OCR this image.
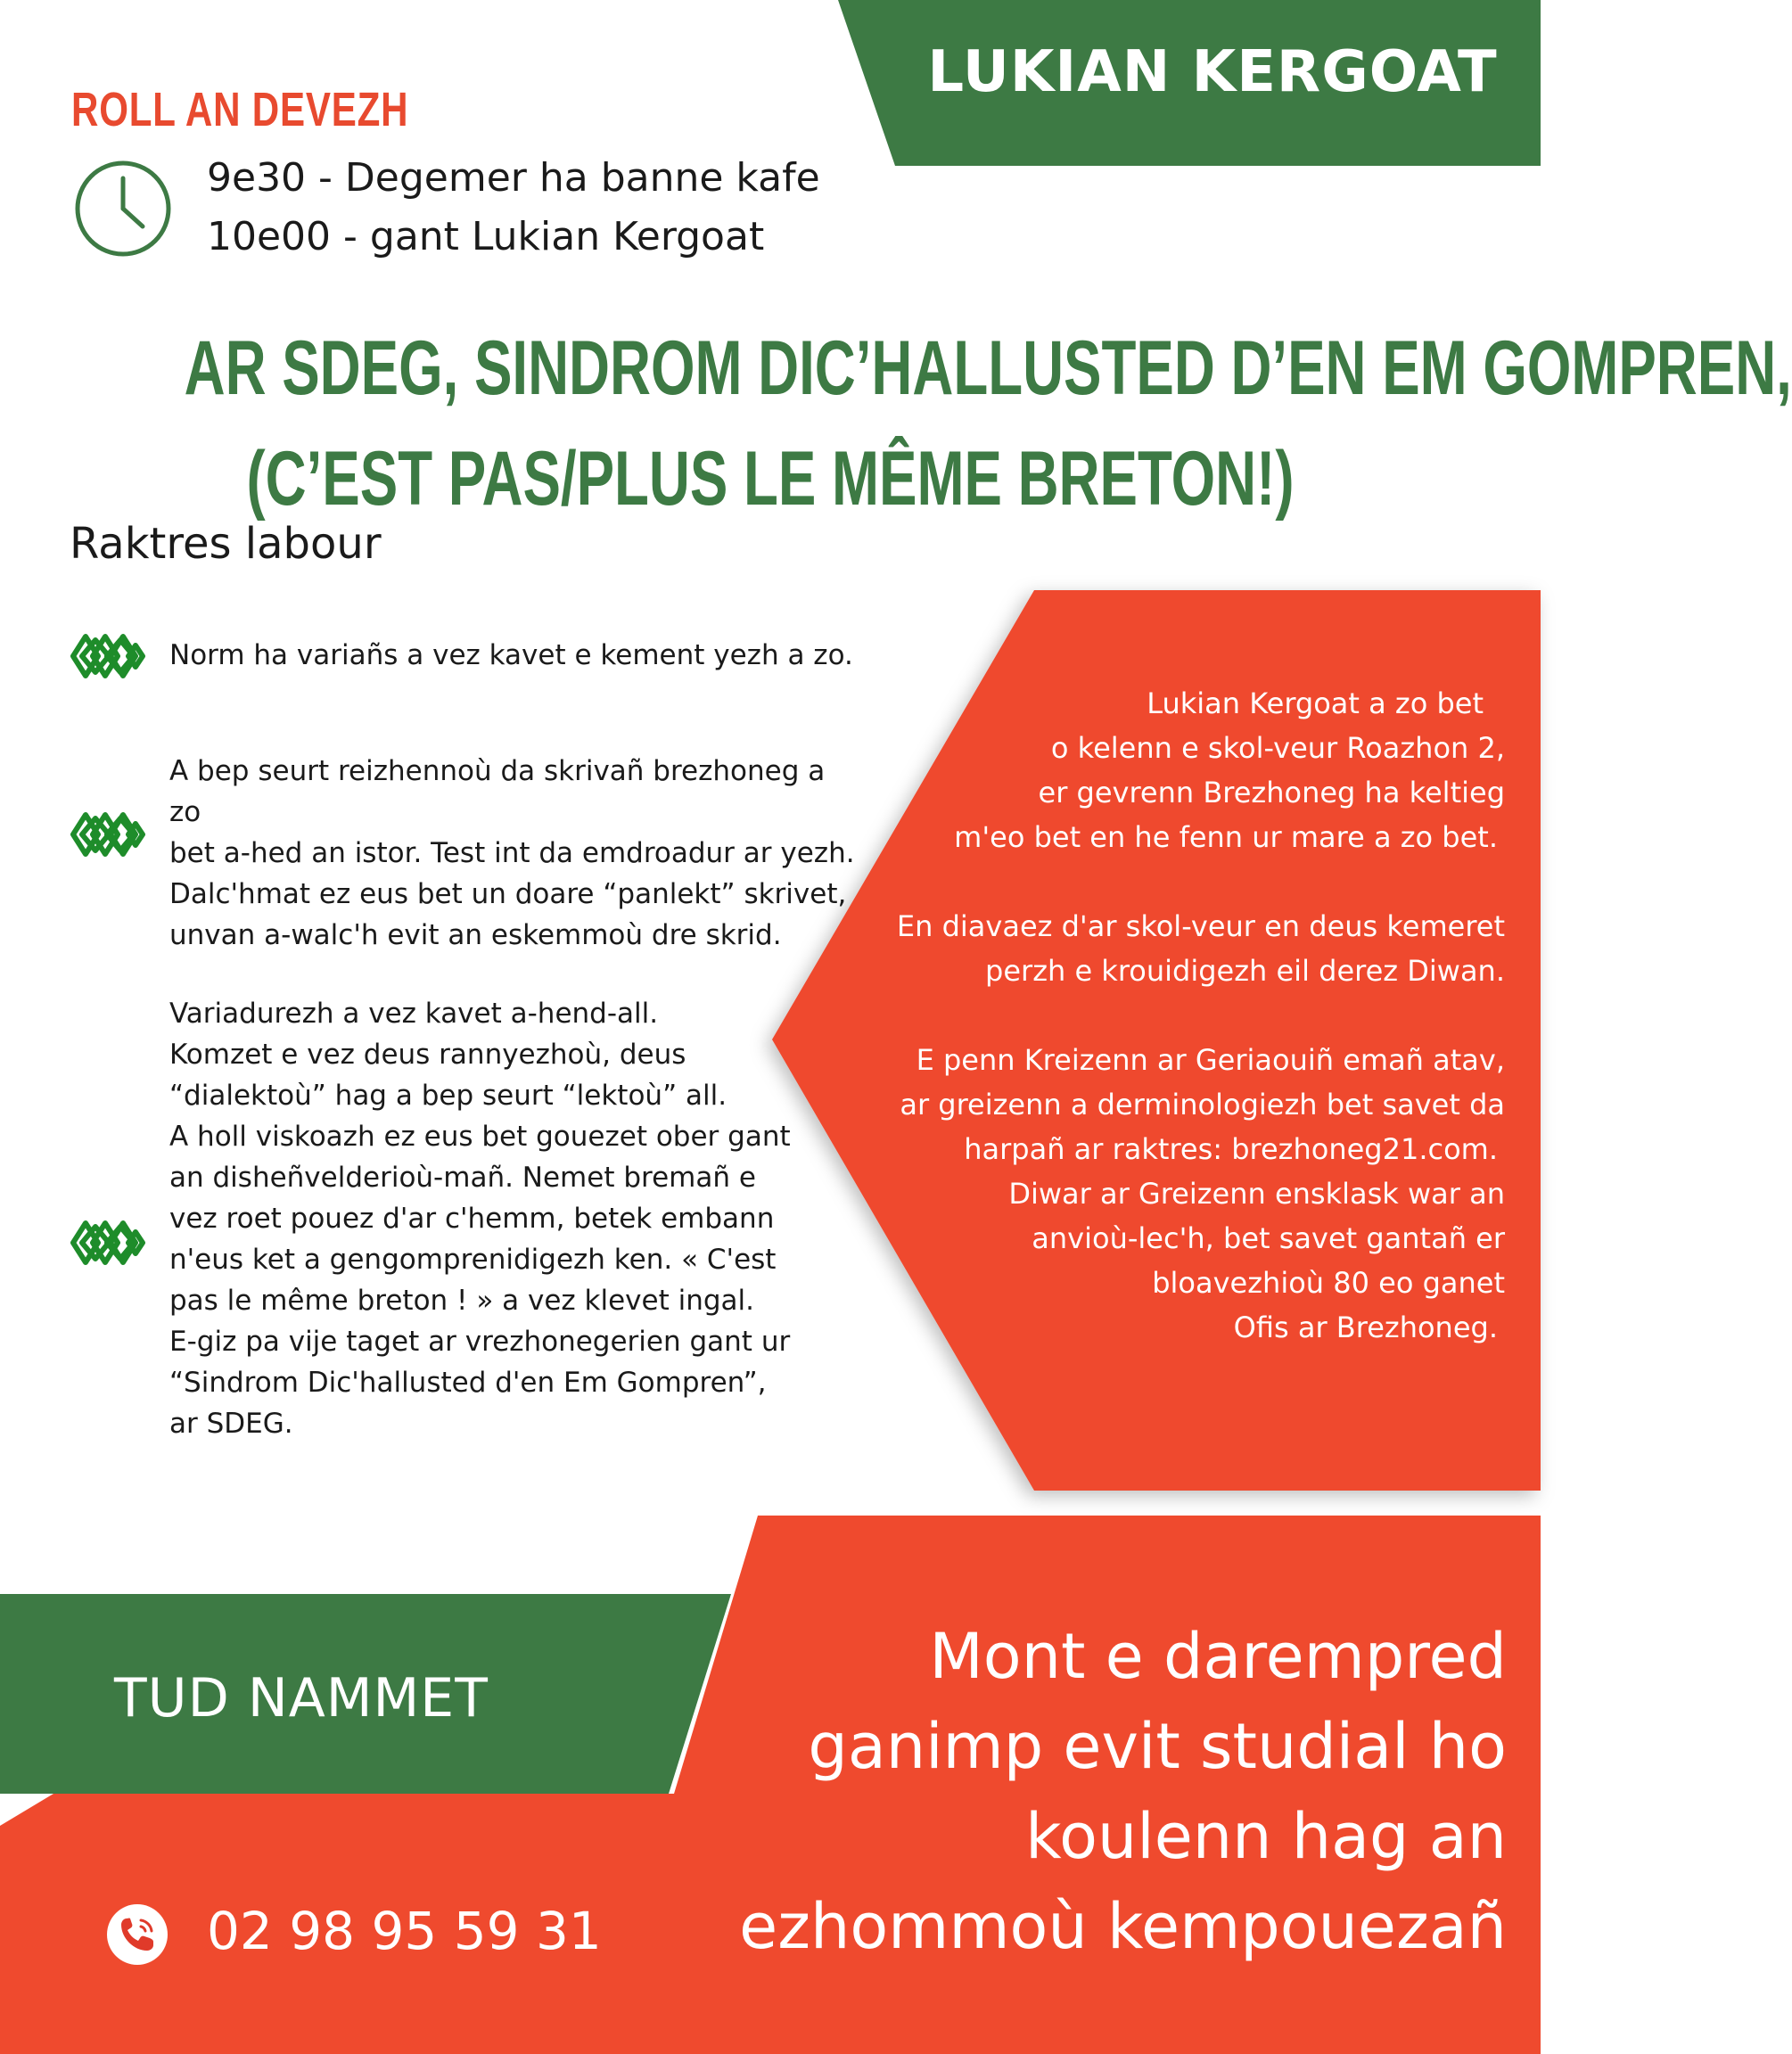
LUKIAN KERGOAT
ROLL AN DEVEZH
9e30 - Degemer ha banne kafe
10e00 - gant Lukian Kergoat
AR SDEG, SINDROM DIC’HALLUSTED D’EN EM GOMPREN,
(C’EST PAS/PLUS LE MÊME BRETON!)
Raktres labour

Norm ha variañs a vez kavet e kement yezh a zo.

A bep seurt reizhennoù da skrivañ brezhoneg a zo

bet a-hed an istor. Test int da emdroadur ar yezh.

Dalc'hmat ez eus bet un doare “panlekt” skrivet,

unvan a-walc'h evit an eskemmoù dre skrid.

Variadurezh a vez kavet a-hend-all.

Komzet e vez deus rannyezhoù, deus

“dialektoù” hag a bep seurt “lektoù” all.

A holl viskoazh ez eus bet gouezet ober gant

an disheñvelderioù-mañ. Nemet bremañ e

vez roet pouez d'ar c'hemm, betek embann

n'eus ket a gengomprenidigezh ken. « C'est

pas le même breton ! » a vez klevet ingal.

E-giz pa vije taget ar vrezhonegerien gant ur

“Sindrom Dic'hallusted d'en Em Gompren”,

ar SDEG.

Lukian Kergoat a zo bet

o kelenn e skol-veur Roazhon 2,

er gevrenn Brezhoneg ha keltieg

m'eo bet en he fenn ur mare a zo bet.

En diavaez d'ar skol-veur en deus kemeret

perzh e krouidigezh eil derez Diwan.

E penn Kreizenn ar Geriaouiñ emañ atav,

ar greizenn a derminologiezh bet savet da

harpañ ar raktres: brezhoneg21.com.

Diwar ar Greizenn ensklask war an

anvioù-lec'h, bet savet gantañ er

bloavezhioù 80 eo ganet

Ofis ar Brezhoneg.

TUD NAMMET
02 98 95 59 31
Mont e darempred
ganimp evit studial ho
koulenn hag an
ezhommoù kempouezañ
